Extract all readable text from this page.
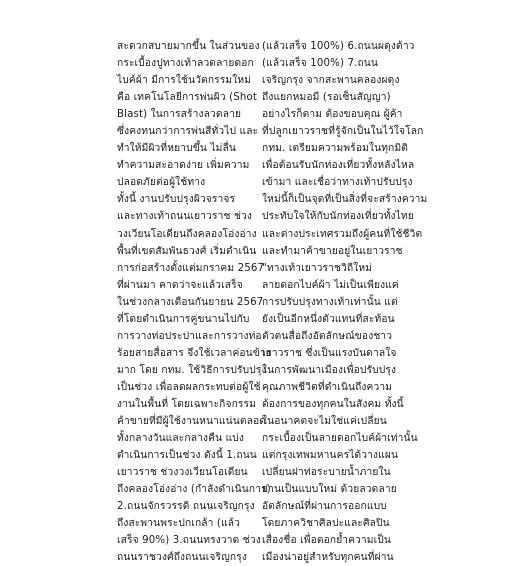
สะดวกสบายมากขึ้น ในส่วนของ
กระเบื้องปูทางเท้าลวดลายดอก
ไบค์ผ้า มีการใช้นวัตกรรมใหม่
คือ เทคโนโลยีการพ่นผิว (Shot
Blast) ในการสร้างลวดลาย
ซึ่งคงทนกว่าการพ่นสีทั่วไป และ
ทำให้มีผิวที่หยาบขึ้น ไม่ลื่น
ทำความสะอาดง่าย เพิ่มความ
ปลอดภัยต่อผู้ใช้ทาง
ทั้งนี้ งานปรับปรุงผิวจราจร
และทางเท้าถนนเยาวราช ช่วง
วงเวียนโอเดียนถึงคลองโอ่งอ่าง
พื้นที่เขตสัมพันธวงศ์ เริ่มดำเนิน
การก่อสร้างตั้งแต่มกราคม 2567
ที่ผ่านมา คาดว่าจะแล้วเสร็จ
ในช่วงกลางเดือนกันยายน 2567
ที่โดยดำเนินการคู่ขนานไปกับ
การวางท่อประปาและการวางท่อ
ร้อยสายสื่อสาร จึงใช้เวลาค่อนข้าง
มาก โดย กทม. ใช้วิธีการปรับปรุง
เป็นช่วง เพื่อลดผลกระทบต่อผู้ใช้
งานในพื้นที่ โดยเฉพาะกิจกรรม
ค้าขายที่มีผู้ใช้งานหนาแน่นตลอด
ทั้งกลางวันและกลางคืน แบ่ง
ดำเนินการเป็นช่วง ดังนี้ 1.ถนน
เยาวราช ช่วงวงเวียนโอเดียน
ถึงคลองโอ่งอ่าง (กำลังดำเนินการ)
2.ถนนจักรวรรดิ ถนนเจริญกรุง
ถึงสะพานพระปกเกล้า (แล้ว
เสร็จ 90%) 3.ถนนทรงวาด ช่วง
ถนนราชวงศ์ถึงถนนเจริญกรุง
(แล้วเสร็จ 100%) 6.ถนนผดุงด้าว
(แล้วเสร็จ 100%) 7.ถนน
เจริญกรุง จากสะพานคลองผดุง
ถึงแยกหมอมี (รอเซ็นสัญญา)
อย่างไรก็ตาม ต้องขอบคุณ ผู้ค้า
ที่ปลูกเยาวราชที่รู้จักเป็นในไว้ใจโลก
กทม. เตรียมความพร้อมในทุกมิติ
เพื่อต้อนรับนักท่องเที่ยวทั้งหลังไหล
เข้ามา และเชื่อว่าทางเท้าปรับปรุง
ใหม่นี้ก็เป็นจุดที่เป็นสิ่งที่จะสร้างความ
ประทับใจให้กับนักท่องเที่ยวทั้งไทย
และต่างประเทศรวมถึงผู้คนที่ใช้ชีวิต
และทำมาค้าขายอยู่ในเยาวราช
"ทางเท้าเยาวราชวิถีใหม่
ลายดอกไบค์ผ้า ไม่เป็นเพียงแค่
การปรับปรุงทางเท้าเท่านั้น แต่
ยังเป็นอีกหนึ่งตัวแทนที่สะท้อน
ตัวตนสื่อถึงอัตลักษณ์ของชาว
เยาวราช ซึ่งเป็นแรงบันดาลใจ
ในการพัฒนาเมืองเพื่อปรับปรุง
คุณภาพชีวิตที่ดำเนินถึงความ
ต้องการของทุกคนในสังคม ทั้งนี้
ในอนาคตจะไม่ใช่แค่เปลี่ยน
กระเบื้องเป็นลายดอกไบค์ผ้าเท่านั้น
แต่กรุงเทพมหานครได้วางแผน
เปลี่ยนฝาท่อระบายน้ำภายใน
ย่านเป็นแบบใหม่ ด้วยลวดลาย
อัตลักษณ์ที่ผ่านการออกแบบ
โดยภาควิชาศิลปะและศิลปิน
เสื่องชื่อ เพื่อตอกย้ำความเป็น
เมืองน่าอยู่สำหรับทุกคนที่ผ่าน
